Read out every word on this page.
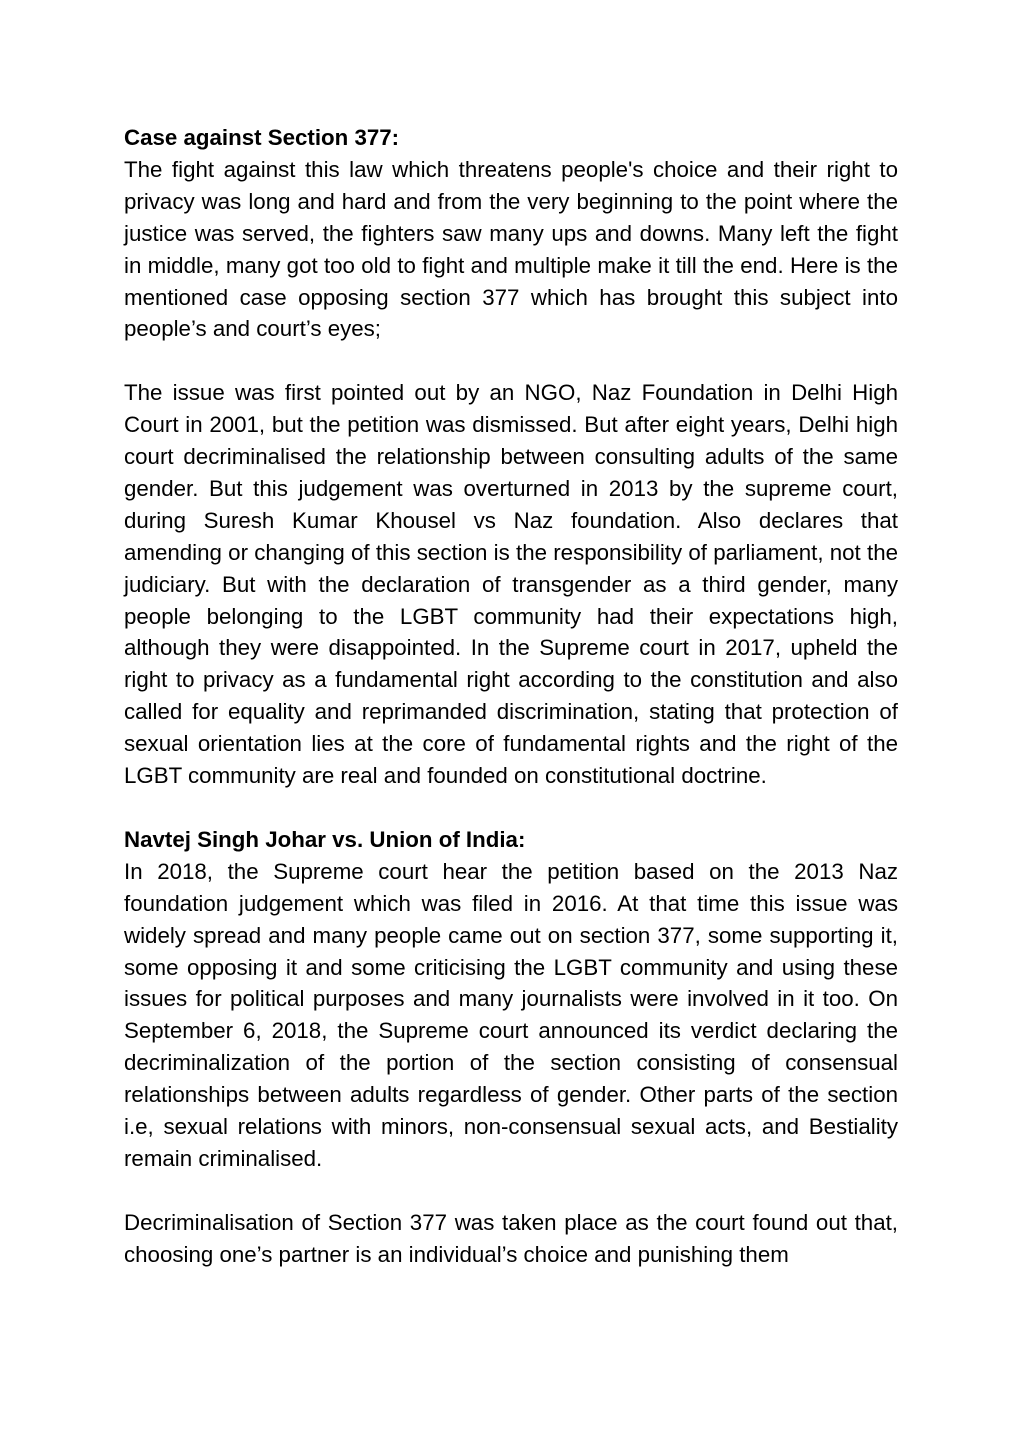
Case against Section 377:

The fight against this law which threatens people's choice and their right to privacy was long and hard and from the very beginning to the point where the justice was served, the fighters saw many ups and downs. Many left the fight in middle, many got too old to fight and multiple make it till the end. Here is the mentioned case opposing section 377 which has brought this subject into people’s and court’s eyes;

The issue was first pointed out by an NGO, Naz Foundation in Delhi High Court in 2001, but the petition was dismissed. But after eight years, Delhi high court decriminalised the relationship between consulting adults of the same gender. But this judgement was overturned in 2013 by the supreme court, during Suresh Kumar Khousel vs Naz foundation. Also declares that amending or changing of this section is the responsibility of parliament, not the judiciary. But with the declaration of transgender as a third gender, many people belonging to the LGBT community had their expectations high, although they were disappointed. In the Supreme court in 2017, upheld the right to privacy as a fundamental right according to the constitution and also called for equality and reprimanded discrimination, stating that protection of sexual orientation lies at the core of fundamental rights and the right of the LGBT community are real and founded on constitutional doctrine.

Navtej Singh Johar vs. Union of India:

In 2018, the Supreme court hear the petition based on the 2013 Naz foundation judgement which was filed in 2016. At that time this issue was widely spread and many people came out on section 377, some supporting it, some opposing it and some criticising the LGBT community and using these issues for political purposes and many journalists were involved in it too. On September 6, 2018, the Supreme court announced its verdict declaring the decriminalization of the portion of the section consisting of consensual relationships between adults regardless of gender. Other parts of the section i.e, sexual relations with minors, non-consensual sexual acts, and Bestiality remain criminalised.

Decriminalisation of Section 377 was taken place as the court found out that, choosing one’s partner is an individual’s choice and punishing them
